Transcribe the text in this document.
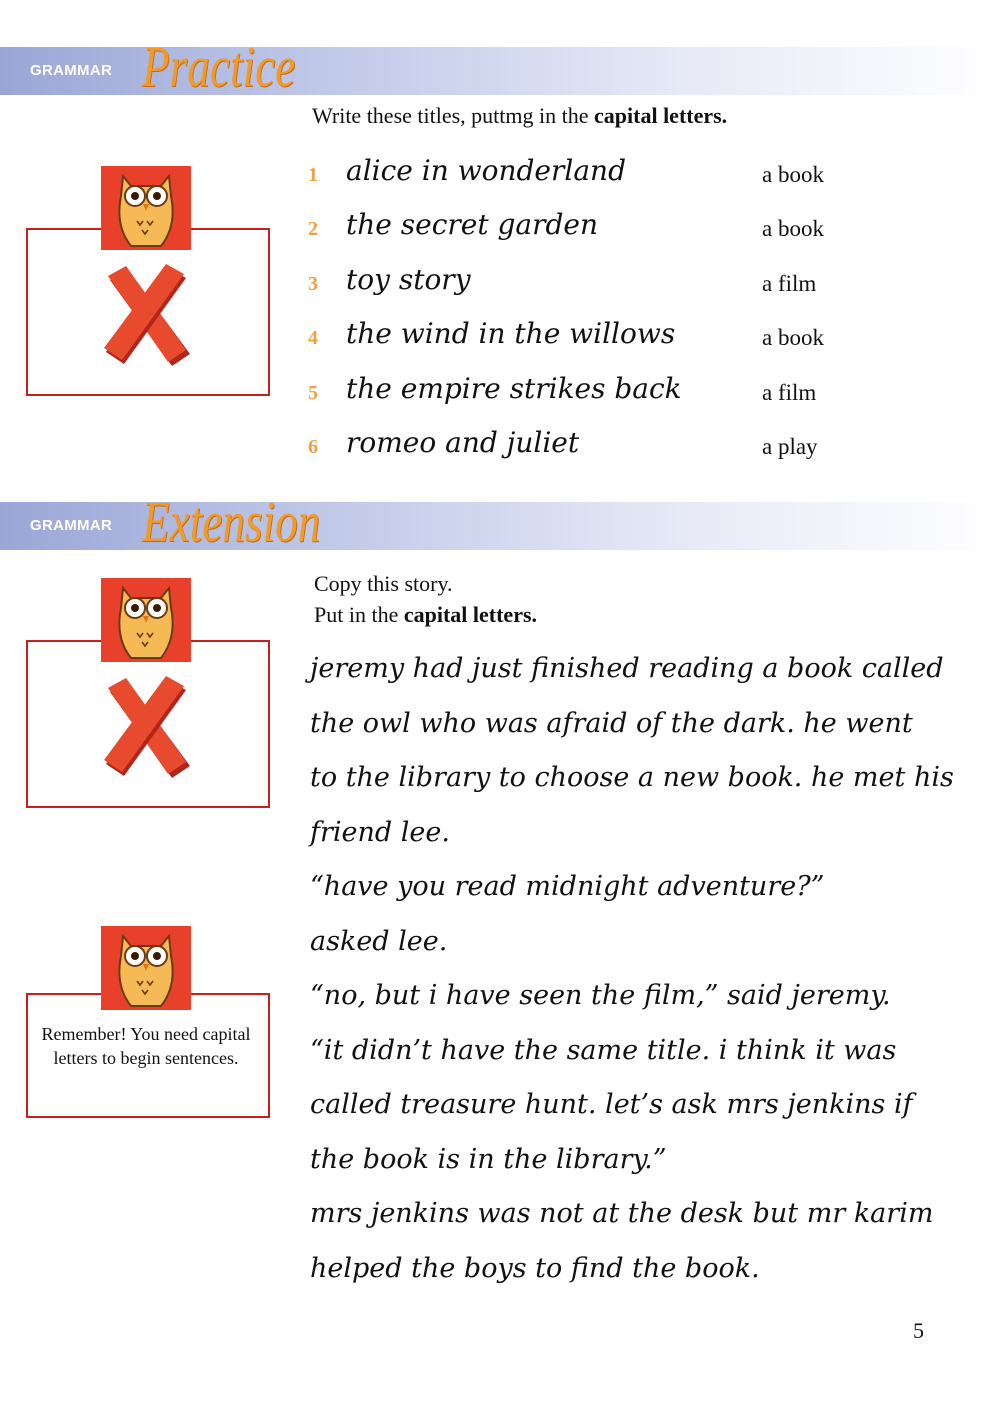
GRAMMAR Practice
Write these titles, puttmg in the capital letters.
1 alice in wonderland	a book
2 the secret garden	a book
3 toy story	a film
4 the wind in the willows	a book
5 the empire strikes back	a film
6 romeo and juliet	a play
GRAMMAR Extension
Copy this story.
Put in the capital letters.
jeremy had just finished reading a book called
the owl who was afraid of the dark. he went
to the library to choose a new book. he met his
friend lee.
“have you read midnight adventure?”
asked lee.
“no, but i have seen the film,” said jeremy.
“it didn’t have the same title. i think it was
called treasure hunt. let’s ask mrs jenkins if
the book is in the library.”
mrs jenkins was not at the desk but mr karim
helped the boys to find the book.
Remember! You need capital letters to begin sentences.
5
